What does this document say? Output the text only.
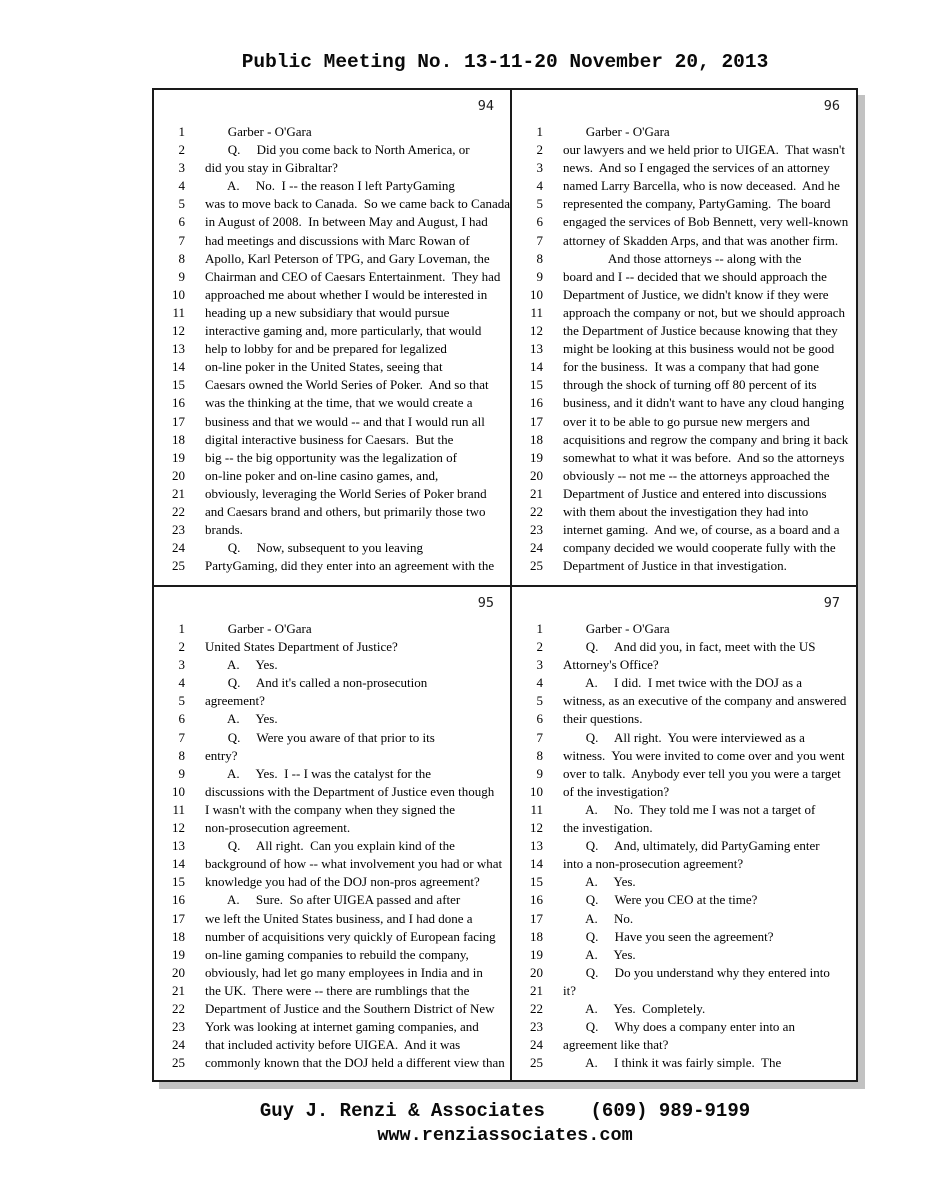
Public Meeting No. 13-11-20 November 20, 2013
94
1 Garber - O'Gara
2 Q.     Did you come back to North America, or
3 did you stay in Gibraltar?
4 A.     No.  I -- the reason I left PartyGaming
5 was to move back to Canada.  So we came back to Canada
6 in August of 2008.  In between May and August, I had
7 had meetings and discussions with Marc Rowan of
8 Apollo, Karl Peterson of TPG, and Gary Loveman, the
9 Chairman and CEO of Caesars Entertainment.  They had
10 approached me about whether I would be interested in
11 heading up a new subsidiary that would pursue
12 interactive gaming and, more particularly, that would
13 help to lobby for and be prepared for legalized
14 on-line poker in the United States, seeing that
15 Caesars owned the World Series of Poker.  And so that
16 was the thinking at the time, that we would create a
17 business and that we would -- and that I would run all
18 digital interactive business for Caesars.  But the
19 big -- the big opportunity was the legalization of
20 on-line poker and on-line casino games, and,
21 obviously, leveraging the World Series of Poker brand
22 and Caesars brand and others, but primarily those two
23 brands.
24 Q.     Now, subsequent to you leaving
25 PartyGaming, did they enter into an agreement with the
96
1 Garber - O'Gara
2 our lawyers and we held prior to UIGEA.  That wasn't
3 news.  And so I engaged the services of an attorney
4 named Larry Barcella, who is now deceased.  And he
5 represented the company, PartyGaming.  The board
6 engaged the services of Bob Bennett, very well-known
7 attorney of Skadden Arps, and that was another firm.
8 And those attorneys -- along with the
9 board and I -- decided that we should approach the
10 Department of Justice, we didn't know if they were
11 approach the company or not, but we should approach
12 the Department of Justice because knowing that they
13 might be looking at this business would not be good
14 for the business.  It was a company that had gone
15 through the shock of turning off 80 percent of its
16 business, and it didn't want to have any cloud hanging
17 over it to be able to go pursue new mergers and
18 acquisitions and regrow the company and bring it back
19 somewhat to what it was before.  And so the attorneys
20 obviously -- not me -- the attorneys approached the
21 Department of Justice and entered into discussions
22 with them about the investigation they had into
23 internet gaming.  And we, of course, as a board and a
24 company decided we would cooperate fully with the
25 Department of Justice in that investigation.
95
1 Garber - O'Gara
2 United States Department of Justice?
3 A.     Yes.
4 Q.     And it's called a non-prosecution
5 agreement?
6 A.     Yes.
7 Q.     Were you aware of that prior to its
8 entry?
9 A.     Yes.  I -- I was the catalyst for the
10 discussions with the Department of Justice even though
11 I wasn't with the company when they signed the
12 non-prosecution agreement.
13 Q.     All right.  Can you explain kind of the
14 background of how -- what involvement you had or what
15 knowledge you had of the DOJ non-pros agreement?
16 A.     Sure.  So after UIGEA passed and after
17 we left the United States business, and I had done a
18 number of acquisitions very quickly of European facing
19 on-line gaming companies to rebuild the company,
20 obviously, had let go many employees in India and in
21 the UK.  There were -- there are rumblings that the
22 Department of Justice and the Southern District of New
23 York was looking at internet gaming companies, and
24 that included activity before UIGEA.  And it was
25 commonly known that the DOJ held a different view than
97
1 Garber - O'Gara
2 Q.     And did you, in fact, meet with the US
3 Attorney's Office?
4 A.     I did.  I met twice with the DOJ as a
5 witness, as an executive of the company and answered
6 their questions.
7 Q.     All right.  You were interviewed as a
8 witness.  You were invited to come over and you went
9 over to talk.  Anybody ever tell you you were a target
10 of the investigation?
11 A.     No.  They told me I was not a target of
12 the investigation.
13 Q.     And, ultimately, did PartyGaming enter
14 into a non-prosecution agreement?
15 A.     Yes.
16 Q.     Were you CEO at the time?
17 A.     No.
18 Q.     Have you seen the agreement?
19 A.     Yes.
20 Q.     Do you understand why they entered into
21 it?
22 A.     Yes.  Completely.
23 Q.     Why does a company enter into an
24 agreement like that?
25 A.     I think it was fairly simple.  The
Guy J. Renzi & Associates    (609) 989-9199
www.renziassociates.com
